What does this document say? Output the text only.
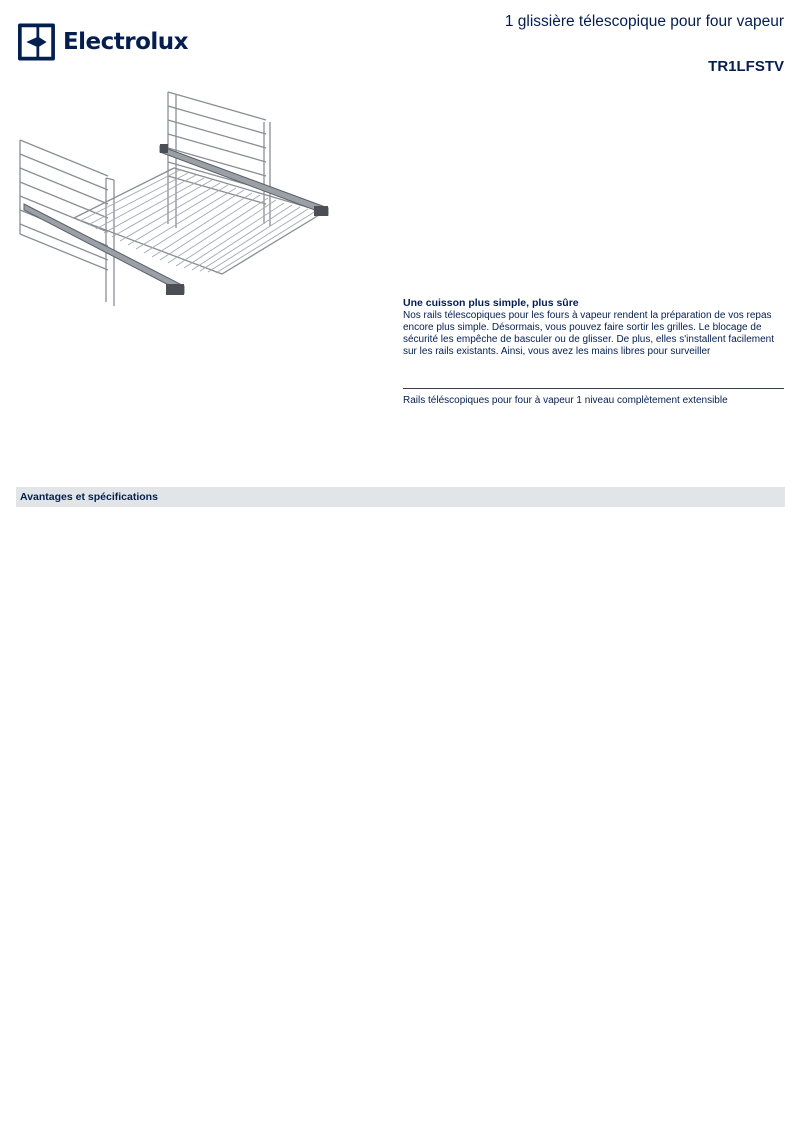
Electrolux
1 glissière télescopique pour four vapeur
TR1LFSTV
Une cuisson plus simple, plus sûre
Nos rails télescopiques pour les fours à vapeur rendent la préparation de vos repas encore plus simple. Désormais, vous pouvez faire sortir les grilles. Le blocage de sécurité les empêche de basculer ou de glisser. De plus, elles s'installent facilement sur les rails existants. Ainsi, vous avez les mains libres pour surveiller
Rails téléscopiques pour four à vapeur 1 niveau complètement extensible
Avantages et spécifications
